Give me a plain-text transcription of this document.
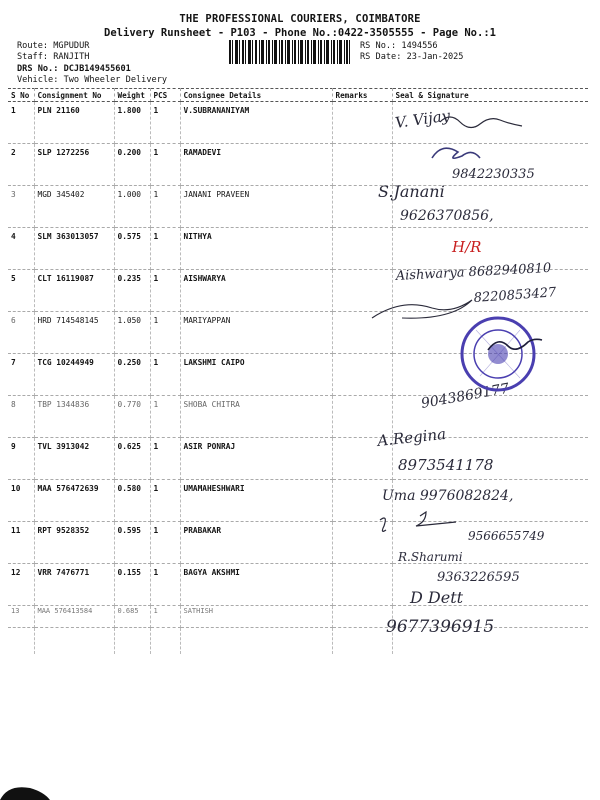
THE PROFESSIONAL COURIERS, COIMBATORE
Delivery Runsheet - P103 - Phone No.:0422-3505555 - Page No.:1
Route: MGPUDUR
Staff: RANJITH
DRS No.: DCJB149455601
Vehicle: Two Wheeler Delivery
RS No.: 1494556
RS Date: 23-Jan-2025
S No	Consignment No	Weight	PCS	Consignee Details	Remarks	Seal & Signature
1	PLN 21160	1.800	1	V.SUBRANANIYAM		
2	SLP 1272256	0.200	1	RAMADEVI		
3	MGD 345402	1.000	1	JANANI PRAVEEN		
4	SLM 363013057	0.575	1	NITHYA		
5	CLT 16119087	0.235	1	AISHWARYA		
6	HRD 714548145	1.050	1	MARIYAPPAN		
7	TCG 10244949	0.250	1	LAKSHMI CAIPO		
8	TBP 1344836	0.770	1	SHOBA CHITRA		
9	TVL 3913042	0.625	1	ASIR PONRAJ		
10	MAA 576472639	0.580	1	UMAMAHESHWARI		
11	RPT 9528352	0.595	1	PRABAKAR		
12	VRR 7476771	0.155	1	BAGYA AKSHMI		
13	MAA 576413584	0.685	1	SATHISH		

V. Vijay
9842230335
S.Janani
9626370856,
H/R
Aishwarya 8682940810
8220853427
9043869177
A.Regina
8973541178
Uma 9976082824,
9566655749
R.Sharumi
9363226595
D Dett
9677396915
